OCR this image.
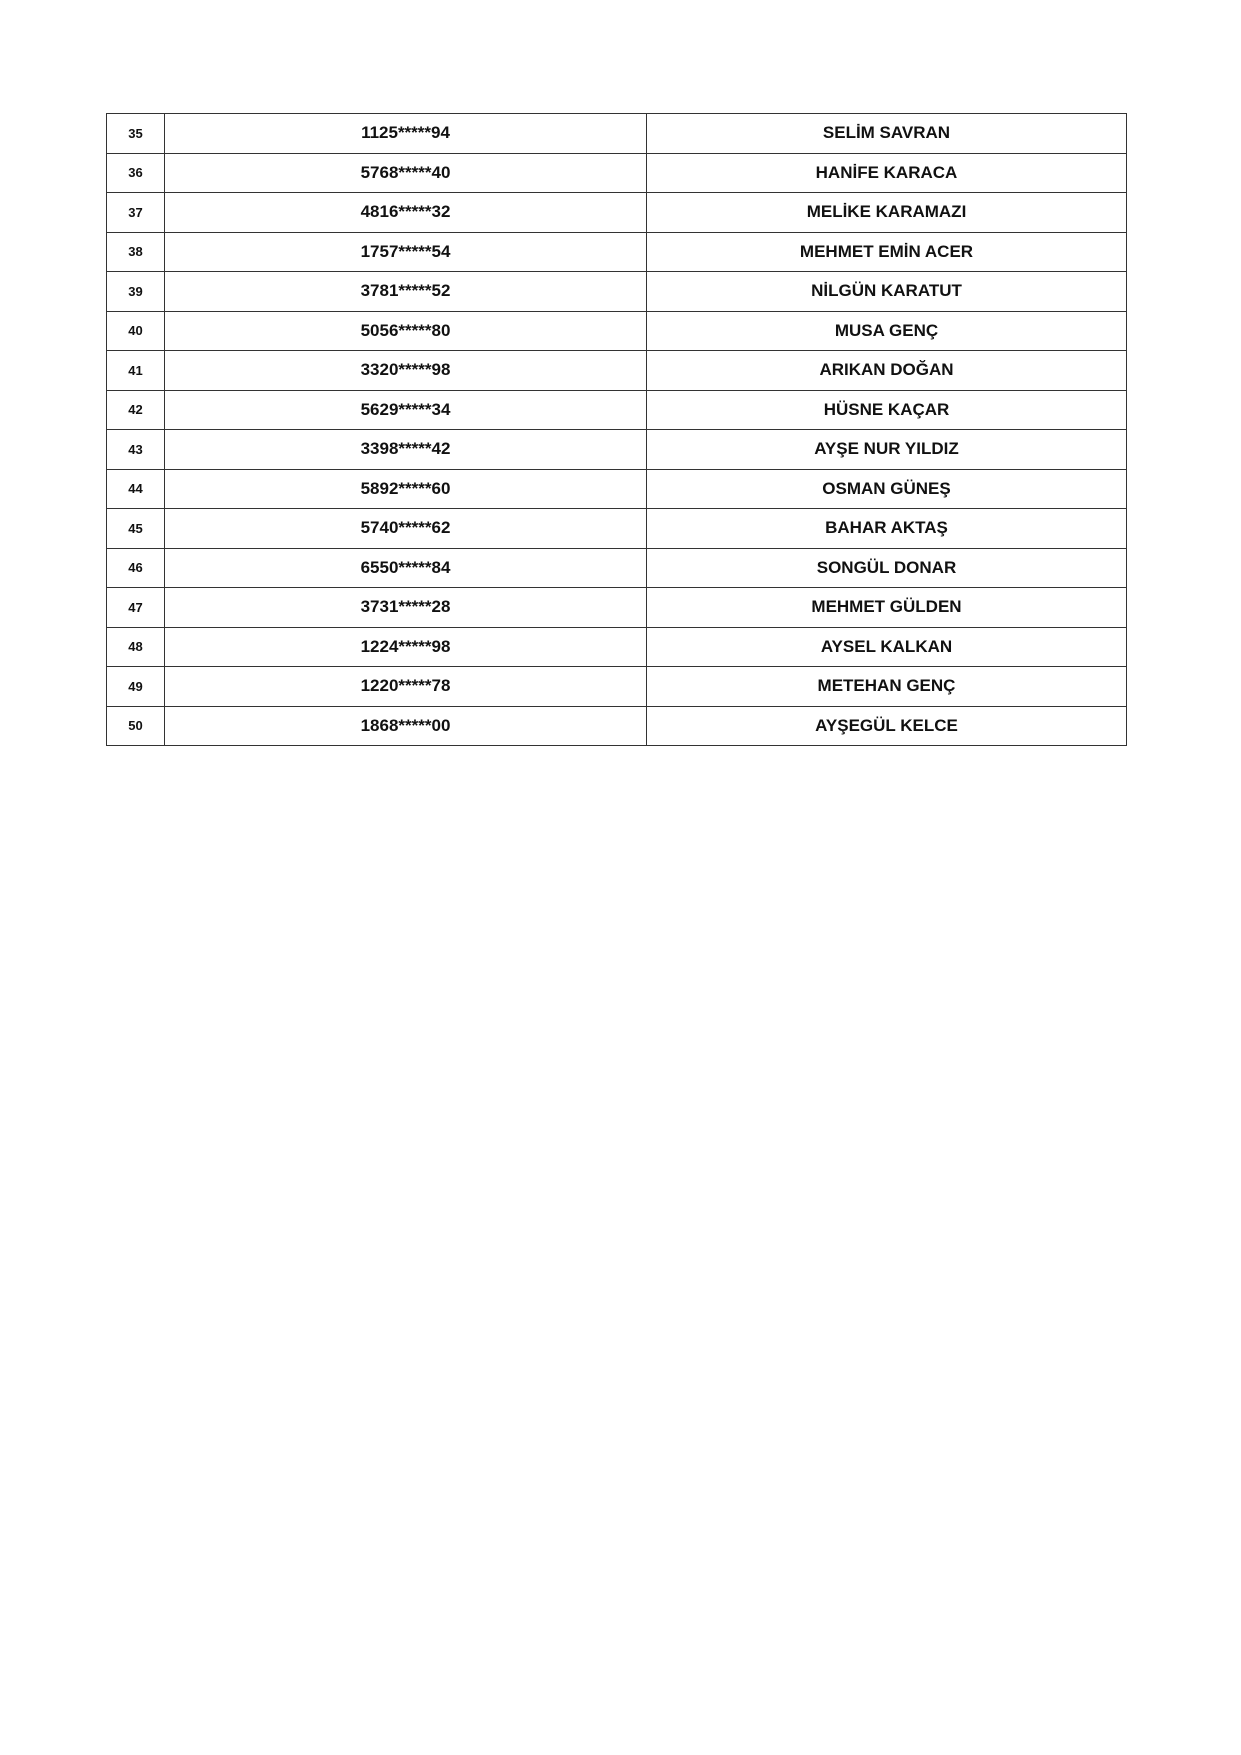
35	1125*****94	SELİM SAVRAN
36	5768*****40	HANİFE KARACA
37	4816*****32	MELİKE KARAMAZI
38	1757*****54	MEHMET EMİN ACER
39	3781*****52	NİLGÜN KARATUT
40	5056*****80	MUSA GENÇ
41	3320*****98	ARIKAN DOĞAN
42	5629*****34	HÜSNE KAÇAR
43	3398*****42	AYŞE NUR YILDIZ
44	5892*****60	OSMAN GÜNEŞ
45	5740*****62	BAHAR AKTAŞ
46	6550*****84	SONGÜL DONAR
47	3731*****28	MEHMET GÜLDEN
48	1224*****98	AYSEL KALKAN
49	1220*****78	METEHAN GENÇ
50	1868*****00	AYŞEGÜL KELCE
